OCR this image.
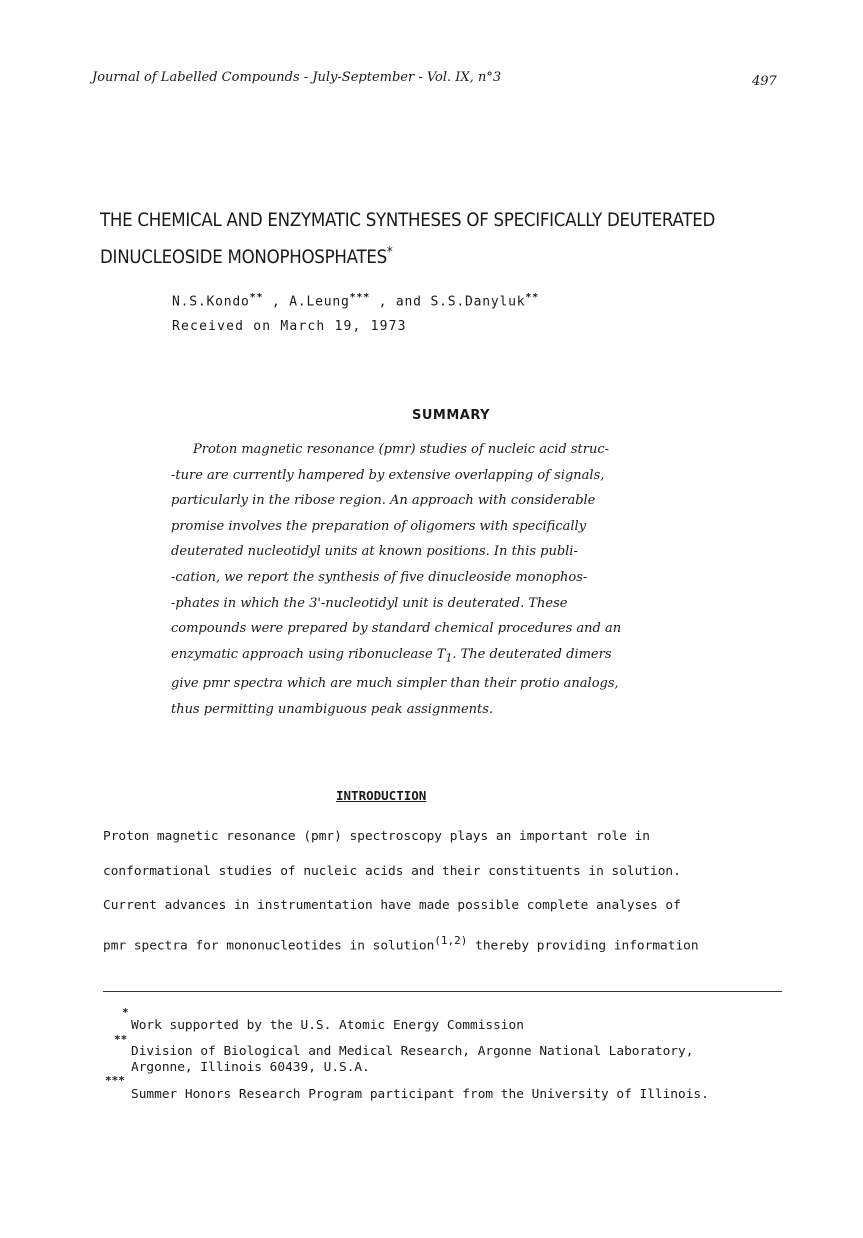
Journal of Labelled Compounds - July-September - Vol. IX, n°3	497
THE CHEMICAL AND ENZYMATIC SYNTHESES OF SPECIFICALLY DEUTERATED
DINUCLEOSIDE MONOPHOSPHATES*
N.S.Kondo** , A.Leung*** , and S.S.Danyluk**
Received on March 19, 1973
SUMMARY
Proton magnetic resonance (pmr) studies of nucleic acid struc-
-ture are currently hampered by extensive overlapping of signals,
particularly in the ribose region. An approach with considerable
promise involves the preparation of oligomers with specifically
deuterated nucleotidyl units at known positions. In this publi-
-cation, we report the synthesis of five dinucleoside monophos-
-phates in which the 3'-nucleotidyl unit is deuterated. These
compounds were prepared by standard chemical procedures and an
enzymatic approach using ribonuclease $T_1$. The deuterated dimers
give pmr spectra which are much simpler than their protio analogs,
thus permitting unambiguous peak assignments.
INTRODUCTION
Proton magnetic resonance (pmr) spectroscopy plays an important role in
conformational studies of nucleic acids and their constituents in solution.
Current advances in instrumentation have made possible complete analyses of
pmr spectra for mononucleotides in solution$^{(1,2)}$ thereby providing information
*
Work supported by the U.S. Atomic Energy Commission
**
Division of Biological and Medical Research, Argonne National Laboratory,
Argonne, Illinois 60439, U.S.A.
***
Summer Honors Research Program participant from the University of Illinois.
